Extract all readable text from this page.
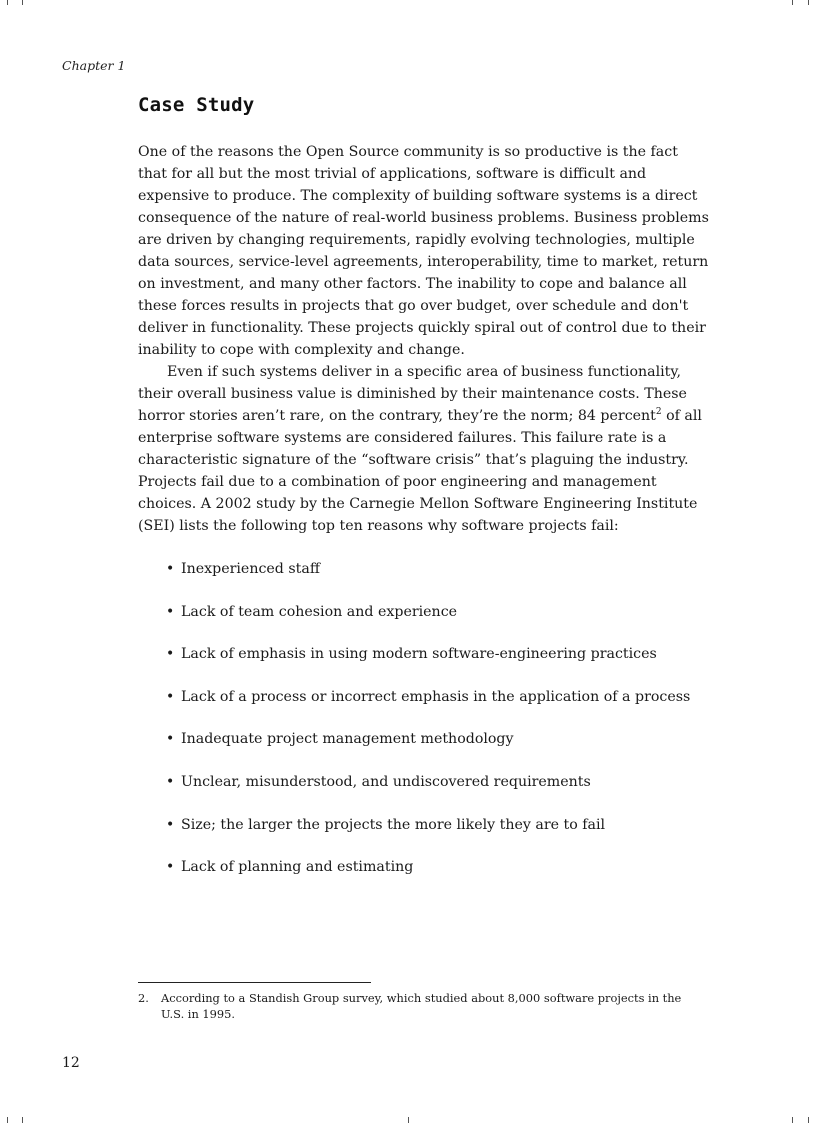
Chapter 1
Case Study

One of the reasons the Open Source community is so productive is the fact that for all but the most trivial of applications, software is difficult and expensive to produce. The complexity of building software systems is a direct consequence of the nature of real-world business problems. Business problems are driven by changing requirements, rapidly evolving technologies, multiple data sources, service-level agreements, interoperability, time to market, return on investment, and many other factors. The inability to cope and balance all these forces results in projects that go over budget, over schedule and don't deliver in functionality. These projects quickly spiral out of control due to their inability to cope with complexity and change.

Even if such systems deliver in a specific area of business functionality, their overall business value is diminished by their maintenance costs. These horror stories aren’t rare, on the contrary, they’re the norm; 84 percent$^2$ of all enterprise software systems are considered failures. This failure rate is a characteristic signature of the “software crisis” that’s plaguing the industry. Projects fail due to a combination of poor engineering and management choices. A 2002 study by the Carnegie Mellon Software Engineering Institute (SEI) lists the following top ten reasons why software projects fail:

• Inexperienced staff
• Lack of team cohesion and experience
• Lack of emphasis in using modern software-engineering practices
• Lack of a process or incorrect emphasis in the application of a process
• Inadequate project management methodology
• Unclear, misunderstood, and undiscovered requirements
• Size; the larger the projects the more likely they are to fail
• Lack of planning and estimating
2.	According to a Standish Group survey, which studied about 8,000 software projects in the U.S. in 1995.
12
